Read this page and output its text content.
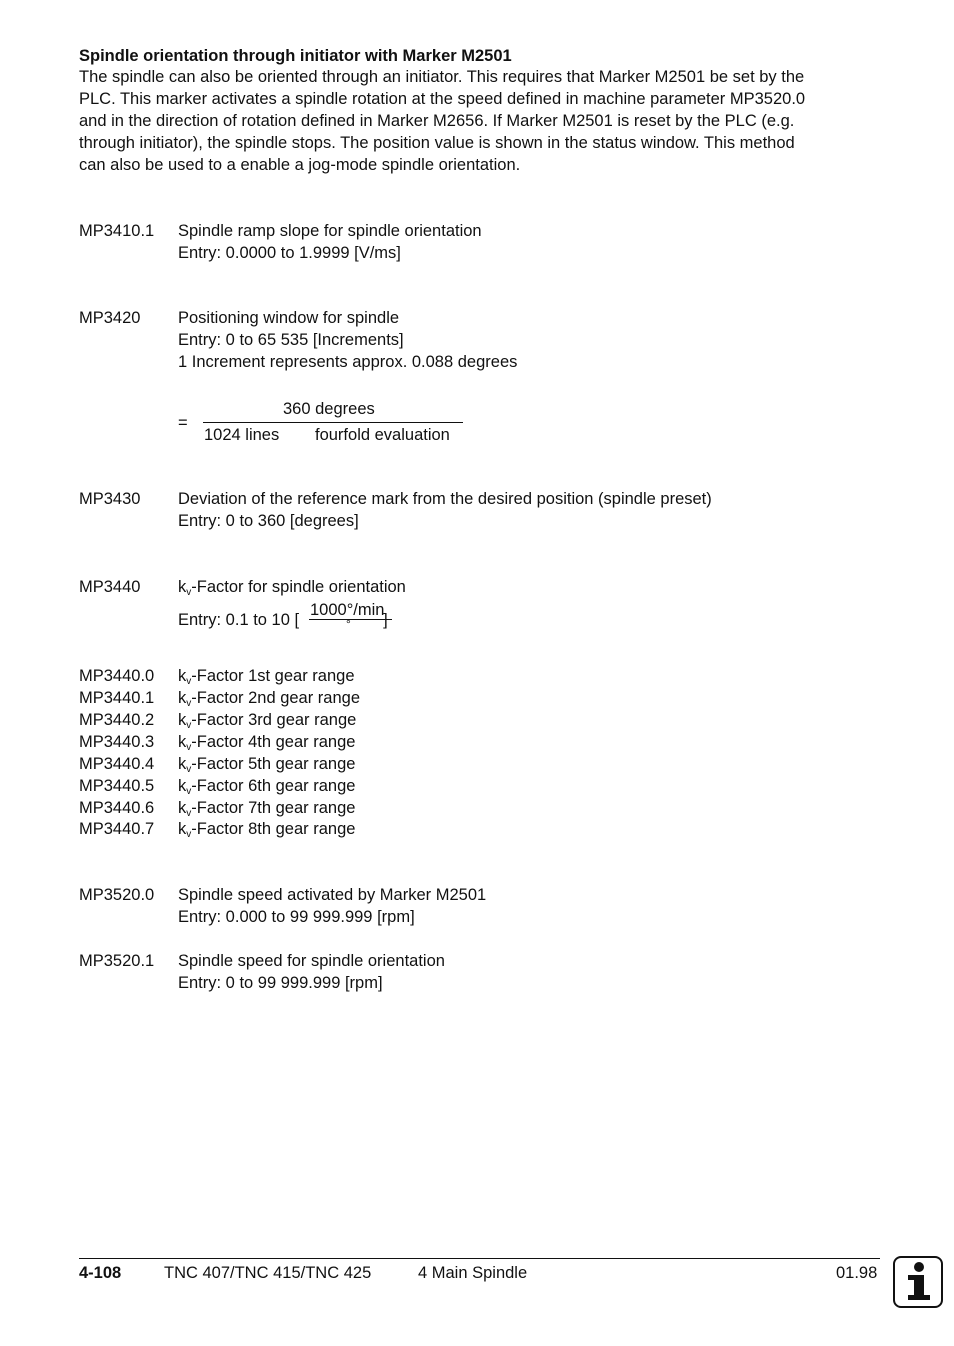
Spindle orientation through initiator with Marker M2501
The spindle can also be oriented through an initiator. This requires that Marker M2501 be set by the
PLC. This marker activates a spindle rotation at the speed defined in machine parameter MP3520.0
and in the direction of rotation defined in Marker M2656. If Marker M2501 is reset by the PLC (e.g.
through initiator), the spindle stops. The position value is shown in the status window. This method
can also be used to a enable a jog-mode spindle orientation.
MP3410.1 Spindle ramp slope for spindle orientation
Entry: 0.0000 to 1.9999 [V/ms]
MP3420 Positioning window for spindle
Entry: 0 to 65 535 [Increments]
1 Increment represents approx. 0.088 degrees
=
360 degrees
1024 lines fourfold evaluation
MP3430 Deviation of the reference mark from the desired position (spindle preset)
Entry: 0 to 360 [degrees]
MP3440 $k_v$-Factor for spindle orientation
Entry: 0.1 to 10 [	]
1000°/min
°
MP3440.0 $k_v$-Factor 1st gear range
MP3440.1 $k_v$-Factor 2nd gear range
MP3440.2 $k_v$-Factor 3rd gear range
MP3440.3 $k_v$-Factor 4th gear range
MP3440.4 $k_v$-Factor 5th gear range
MP3440.5 $k_v$-Factor 6th gear range
MP3440.6 $k_v$-Factor 7th gear range
MP3440.7 $k_v$-Factor 8th gear range
MP3520.0 Spindle speed activated by Marker M2501
Entry: 0.000 to 99 999.999 [rpm]
MP3520.1 Spindle speed for spindle orientation
Entry: 0 to 99 999.999 [rpm]
4-108	TNC 407/TNC 415/TNC 425	4 Main Spindle	01.98
